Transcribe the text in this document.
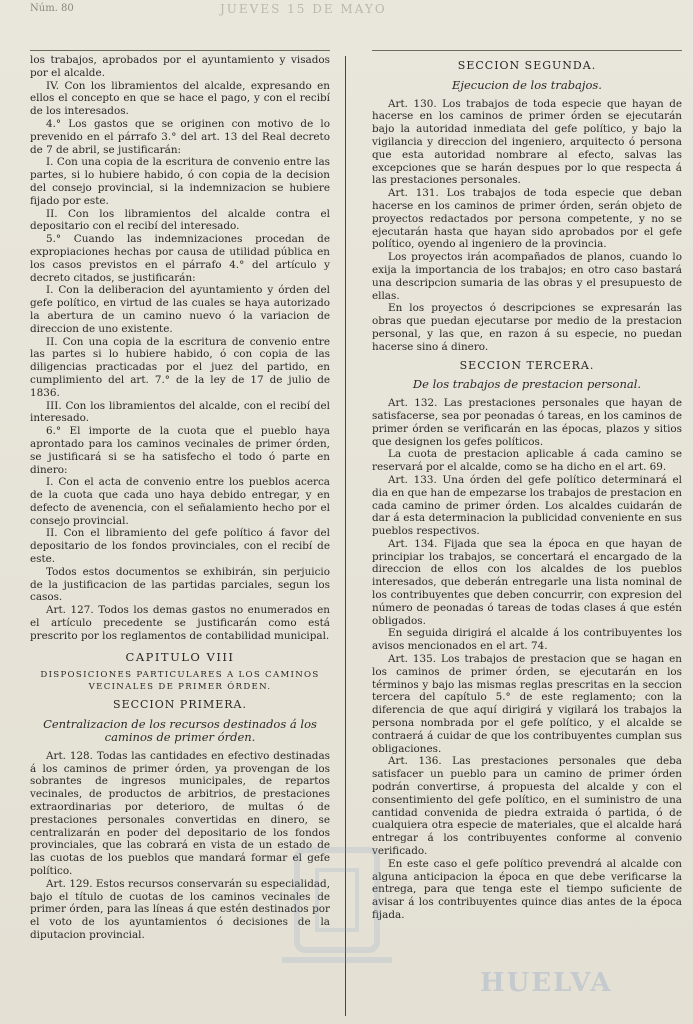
Núm. 80	JUEVES 15 DE MAYO

los trabajos, aprobados por el ayuntamiento y visados por el alcalde.

IV. Con los libramientos del alcalde, expresando en ellos el concepto en que se hace el pago, y con el recibí de los interesados.

4.° Los gastos que se originen con motivo de lo prevenido en el párrafo 3.° del art. 13 del Real decreto de 7 de abril, se justificarán:

I. Con una copia de la escritura de convenio entre las partes, si lo hubiere habido, ó con copia de la decision del consejo provincial, si la indemnizacion se hubiere fijado por este.

II. Con los libramientos del alcalde contra el depositario con el recibí del interesado.

5.° Cuando las indemnizaciones procedan de expropiaciones hechas por causa de utilidad pública en los casos previstos en el párrafo 4.° del artículo y decreto citados, se justificarán:

I. Con la deliberacion del ayuntamiento y órden del gefe político, en virtud de las cuales se haya autorizado la abertura de un camino nuevo ó la variacion de direccion de uno existente.

II. Con una copia de la escritura de convenio entre las partes si lo hubiere habido, ó con copia de las diligencias practicadas por el juez del partido, en cumplimiento del art. 7.° de la ley de 17 de julio de 1836.

III. Con los libramientos del alcalde, con el recibí del interesado.

6.° El importe de la cuota que el pueblo haya aprontado para los caminos vecinales de primer órden, se justificará si se ha satisfecho el todo ó parte en dinero:

I. Con el acta de convenio entre los pueblos acerca de la cuota que cada uno haya debido entregar, y en defecto de avenencia, con el señalamiento hecho por el consejo provincial.

II. Con el libramiento del gefe político á favor del depositario de los fondos provinciales, con el recibí de este.

Todos estos documentos se exhibirán, sin perjuicio de la justificacion de las partidas parciales, segun los casos.

Art. 127. Todos los demas gastos no enumerados en el artículo precedente se justificarán como está prescrito por los reglamentos de contabilidad municipal.

CAPITULO VIII

DISPOSICIONES PARTICULARES A LOS CAMINOS VECINALES DE PRIMER ÓRDEN.

SECCION PRIMERA.

Centralizacion de los recursos destinados á los caminos de primer órden.

Art. 128. Todas las cantidades en efectivo destinadas á los caminos de primer órden, ya provengan de los sobrantes de ingresos municipales, de repartos vecinales, de productos de arbitrios, de prestaciones extraordinarias por deterioro, de multas ó de prestaciones personales convertidas en dinero, se centralizarán en poder del depositario de los fondos provinciales, que las cobrará en vista de un estado de las cuotas de los pueblos que mandará formar el gefe político.

Art. 129. Estos recursos conservarán su especialidad, bajo el título de cuotas de los caminos vecinales de primer órden, para las líneas á que estén destinados por el voto de los ayuntamientos ó decisiones de la diputacion provincial.

SECCION SEGUNDA.

Ejecucion de los trabajos.

Art. 130. Los trabajos de toda especie que hayan de hacerse en los caminos de primer órden se ejecutarán bajo la autoridad inmediata del gefe político, y bajo la vigilancia y direccion del ingeniero, arquitecto ó persona que esta autoridad nombrare al efecto, salvas las excepciones que se harán despues por lo que respecta á las prestaciones personales.

Art. 131. Los trabajos de toda especie que deban hacerse en los caminos de primer órden, serán objeto de proyectos redactados por persona competente, y no se ejecutarán hasta que hayan sido aprobados por el gefe político, oyendo al ingeniero de la provincia.

Los proyectos irán acompañados de planos, cuando lo exija la importancia de los trabajos; en otro caso bastará una descripcion sumaria de las obras y el presupuesto de ellas.

En los proyectos ó descripciones se expresarán las obras que puedan ejecutarse por medio de la prestacion personal, y las que, en razon á su especie, no puedan hacerse sino á dinero.

SECCION TERCERA.

De los trabajos de prestacion personal.

Art. 132. Las prestaciones personales que hayan de satisfacerse, sea por peonadas ó tareas, en los caminos de primer órden se verificarán en las épocas, plazos y sitios que designen los gefes políticos.

La cuota de prestacion aplicable á cada camino se reservará por el alcalde, como se ha dicho en el art. 69.

Art. 133. Una órden del gefe político determinará el dia en que han de empezarse los trabajos de prestacion en cada camino de primer órden. Los alcaldes cuidarán de dar á esta determinacion la publicidad conveniente en sus pueblos respectivos.

Art. 134. Fijada que sea la época en que hayan de principiar los trabajos, se concertará el encargado de la direccion de ellos con los alcaldes de los pueblos interesados, que deberán entregarle una lista nominal de los contribuyentes que deben concurrir, con expresion del número de peonadas ó tareas de todas clases á que estén obligados.

En seguida dirigirá el alcalde á los contribuyentes los avisos mencionados en el art. 74.

Art. 135. Los trabajos de prestacion que se hagan en los caminos de primer órden, se ejecutarán en los términos y bajo las mismas reglas prescritas en la seccion tercera del capítulo 5.° de este reglamento; con la diferencia de que aquí dirigirá y vigilará los trabajos la persona nombrada por el gefe político, y el alcalde se contraerá á cuidar de que los contribuyentes cumplan sus obligaciones.

Art. 136. Las prestaciones personales que deba satisfacer un pueblo para un camino de primer órden podrán convertirse, á propuesta del alcalde y con el consentimiento del gefe político, en el suministro de una cantidad convenida de piedra extraida ó partida, ó de cualquiera otra especie de materiales, que el alcalde hará entregar á los contribuyentes conforme al convenio verificado.

En este caso el gefe político prevendrá al alcalde con alguna anticipacion la época en que debe verificarse la entrega, para que tenga este el tiempo suficiente de avisar á los contribuyentes quince dias antes de la época fijada.

HUELVA
